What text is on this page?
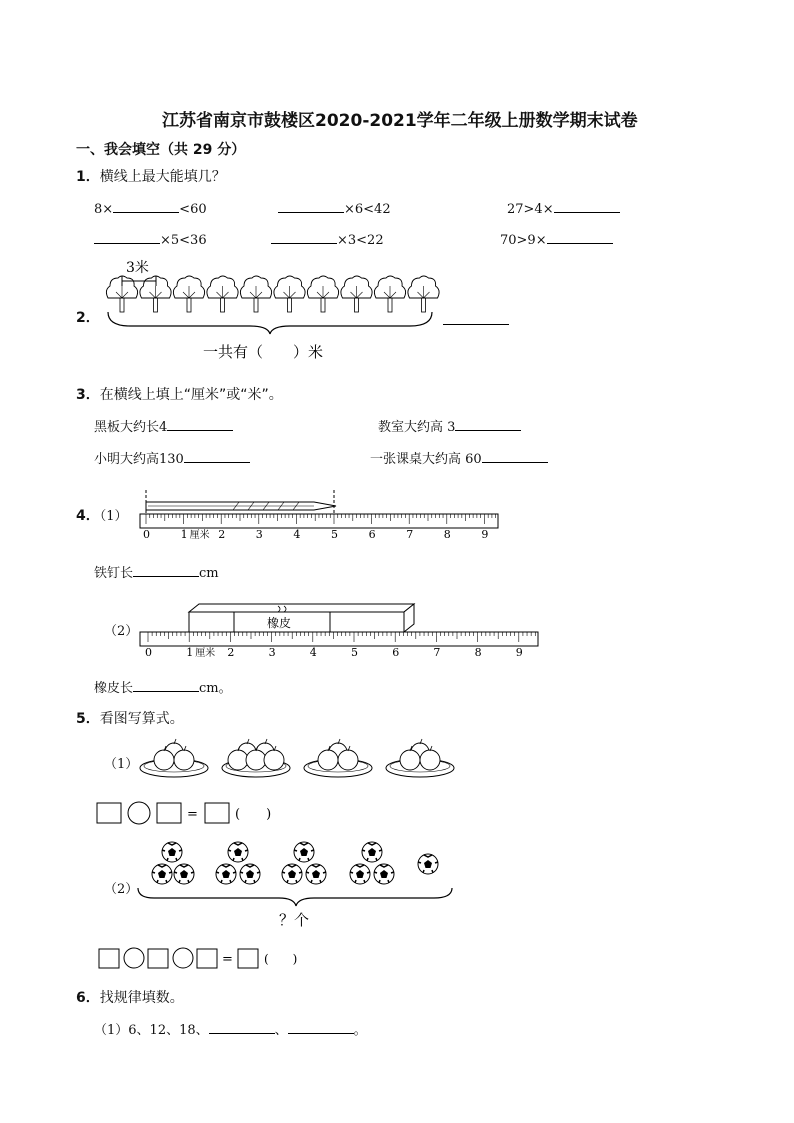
江苏省南京市鼓楼区2020-2021学年二年级上册数学期末试卷
一、我会填空（共 29 分）
1．横线上最大能填几？
8×	<60	×6<42	27>4×
×5<36	×3<22	70>9×
2．
3米
一共有（　　）米
3．在横线上填上“厘米”或“米”。
黑板大约长4	教室大约高 3
小明大约高130	一张课桌大约高 60
4．（1）
0	1 厘米 2	3	4	5	6	7	8	9
铁钉长	cm
（2）
橡皮
0	1 厘米 2	3	4	5	6	7	8	9
橡皮长	cm。
5．看图写算式。
（1）
=	(　　)
（2）
？个
=	(　　)
6．找规律填数。
（1）6、12、18、	、	。
